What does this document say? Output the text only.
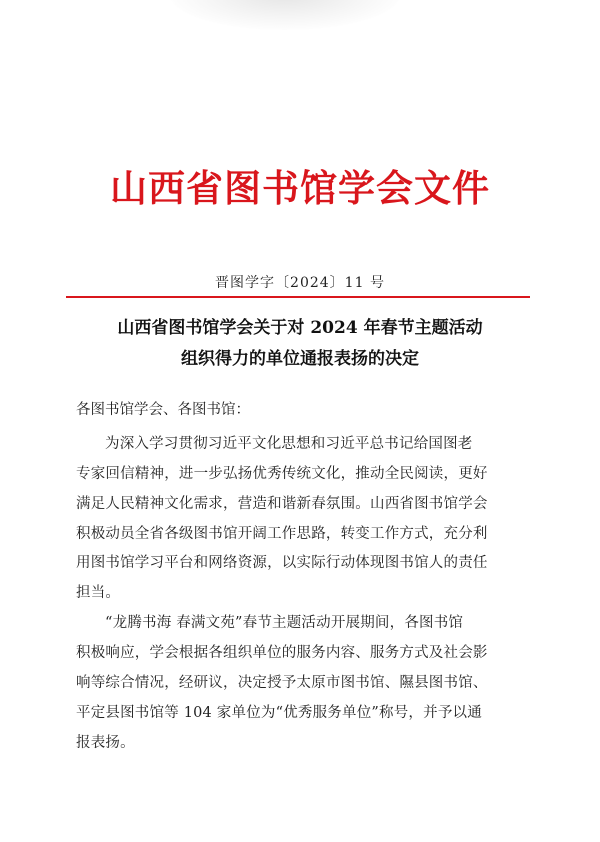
山西省图书馆学会文件
晋图学字〔2024〕11 号
山西省图书馆学会关于对 2024 年春节主题活动
组织得力的单位通报表扬的决定
各图书馆学会、各图书馆：
为深入学习贯彻习近平文化思想和习近平总书记给国图老
专家回信精神，进一步弘扬优秀传统文化，推动全民阅读，更好
满足人民精神文化需求，营造和谐新春氛围。山西省图书馆学会
积极动员全省各级图书馆开阔工作思路，转变工作方式，充分利
用图书馆学习平台和网络资源，以实际行动体现图书馆人的责任
担当。
“龙腾书海 春满文苑”春节主题活动开展期间，各图书馆
积极响应，学会根据各组织单位的服务内容、服务方式及社会影
响等综合情况，经研议，决定授予太原市图书馆、隰县图书馆、
平定县图书馆等 104 家单位为“优秀服务单位”称号，并予以通
报表扬。
